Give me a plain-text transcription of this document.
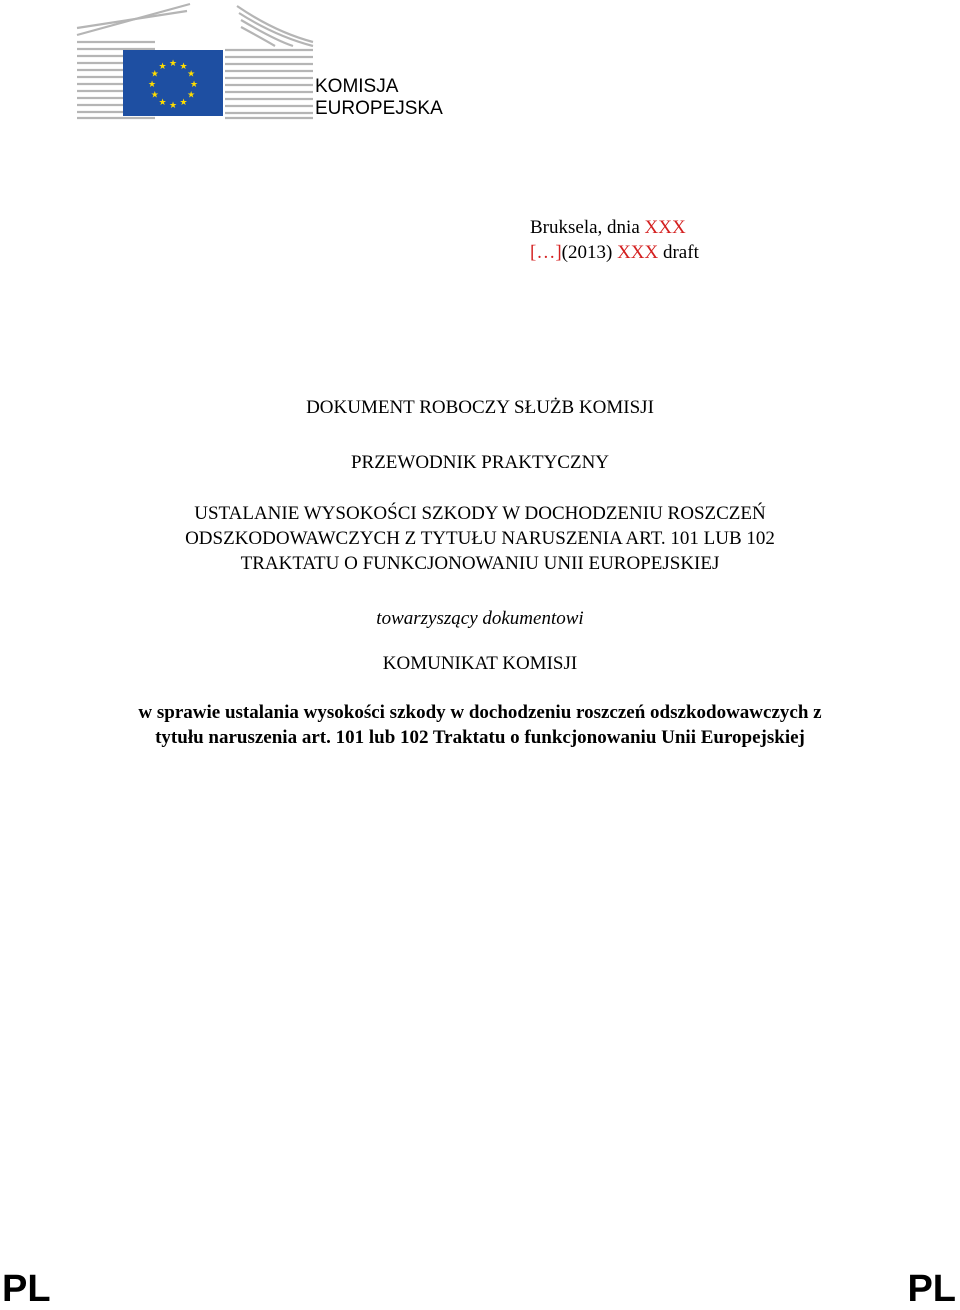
★ ★
★
★
★
★
★
★
★
★
★
★
KOMISJA
EUROPEJSKA
Bruksela, dnia XXX
[…](2013) XXX draft
DOKUMENT ROBOCZY SŁUŻB KOMISJI
PRZEWODNIK PRAKTYCZNY
USTALANIE WYSOKOŚCI SZKODY W DOCHODZENIU ROSZCZEŃ
ODSZKODOWAWCZYCH Z TYTUŁU NARUSZENIA ART. 101 LUB 102
TRAKTATU O FUNKCJONOWANIU UNII EUROPEJSKIEJ
towarzyszący dokumentowi
KOMUNIKAT KOMISJI
w sprawie ustalania wysokości szkody w dochodzeniu roszczeń odszkodowawczych z
tytułu naruszenia art. 101 lub 102 Traktatu o funkcjonowaniu Unii Europejskiej
PL	PL
